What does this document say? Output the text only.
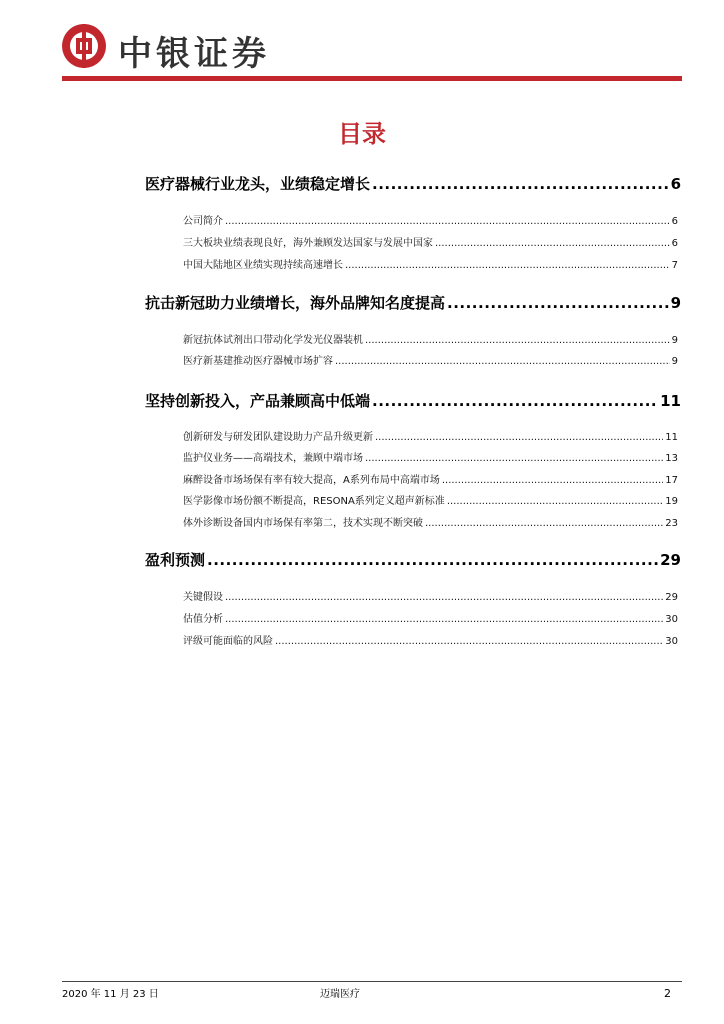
中银证券
目录
医疗器械行业龙头，业绩稳定增长 .....	6
公司简介 .....	6
三大板块业绩表现良好，海外兼顾发达国家与发展中国家 .....	6
中国大陆地区业绩实现持续高速增长 .....	7
抗击新冠助力业绩增长，海外品牌知名度提高 .....	9
新冠抗体试剂出口带动化学发光仪器装机 .....	9
医疗新基建推动医疗器械市场扩容 .....	9
坚持创新投入，产品兼顾高中低端 .....	11
创新研发与研发团队建设助力产品升级更新 .....	11
监护仪业务——高端技术，兼顾中端市场 .....	13
麻醉设备市场场保有率有较大提高，A系列布局中高端市场 .....	17
医学影像市场份额不断提高，RESONA系列定义超声新标准 .....	19
体外诊断设备国内市场保有率第二，技术实现不断突破 .....	23
盈利预测 .....	29
关键假设 .....	29
估值分析 .....	30
评级可能面临的风险 .....	30
2020 年 11 月 23 日	迈瑞医疗	2
